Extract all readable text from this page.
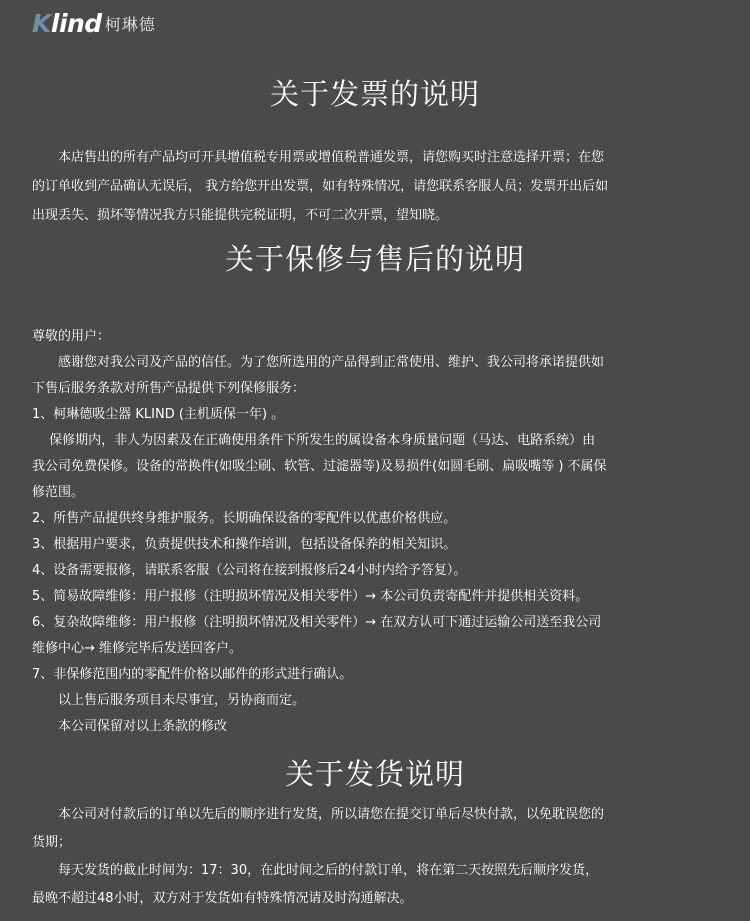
Klind 柯琳德
关于发票的说明
　　本店售出的所有产品均可开具增值税专用票或增值税普通发票，请您购买时注意选择开票；在您
的订单收到产品确认无误后， 我方给您开出发票，如有特殊情况，请您联系客服人员；发票开出后如
出现丢失、损坏等情况我方只能提供完税证明，不可二次开票，望知晓。
关于保修与售后的说明
尊敬的用户：
　　感谢您对我公司及产品的信任。为了您所选用的产品得到正常使用、维护、我公司将承诺提供如
下售后服务条款对所售产品提供下列保修服务：
1、柯琳德吸尘器 KLIND (主机质保一年) 。
　 保修期内，非人为因素及在正确使用条件下所发生的属设备本身质量问题（马达、电路系统）由
我公司免费保修。设备的常换件(如吸尘刷、软管、过滤器等)及易损件(如圆毛刷、扁吸嘴等 ) 不属保
修范围。
2、所售产品提供终身维护服务。长期确保设备的零配件以优惠价格供应。
3、根据用户要求，负责提供技术和操作培训，包括设备保养的相关知识。
4、设备需要报修，请联系客服（公司将在接到报修后24小时内给予答复）。
5、简易故障维修：用户报修（注明损坏情况及相关零件）→ 本公司负责寄配件并提供相关资料。
6、复杂故障维修：用户报修（注明损坏情况及相关零件）→ 在双方认可下通过运输公司送至我公司
维修中心→ 维修完毕后发送回客户。
7、非保修范围内的零配件价格以邮件的形式进行确认。
　　以上售后服务项目未尽事宜，另协商而定。
　　本公司保留对以上条款的修改
关于发货说明
　　本公司对付款后的订单以先后的顺序进行发货，所以请您在提交订单后尽快付款，以免耽误您的
货期；
　　每天发货的截止时间为：17：30，在此时间之后的付款订单，将在第二天按照先后顺序发货，
最晚不超过48小时，双方对于发货如有特殊情况请及时沟通解决。
